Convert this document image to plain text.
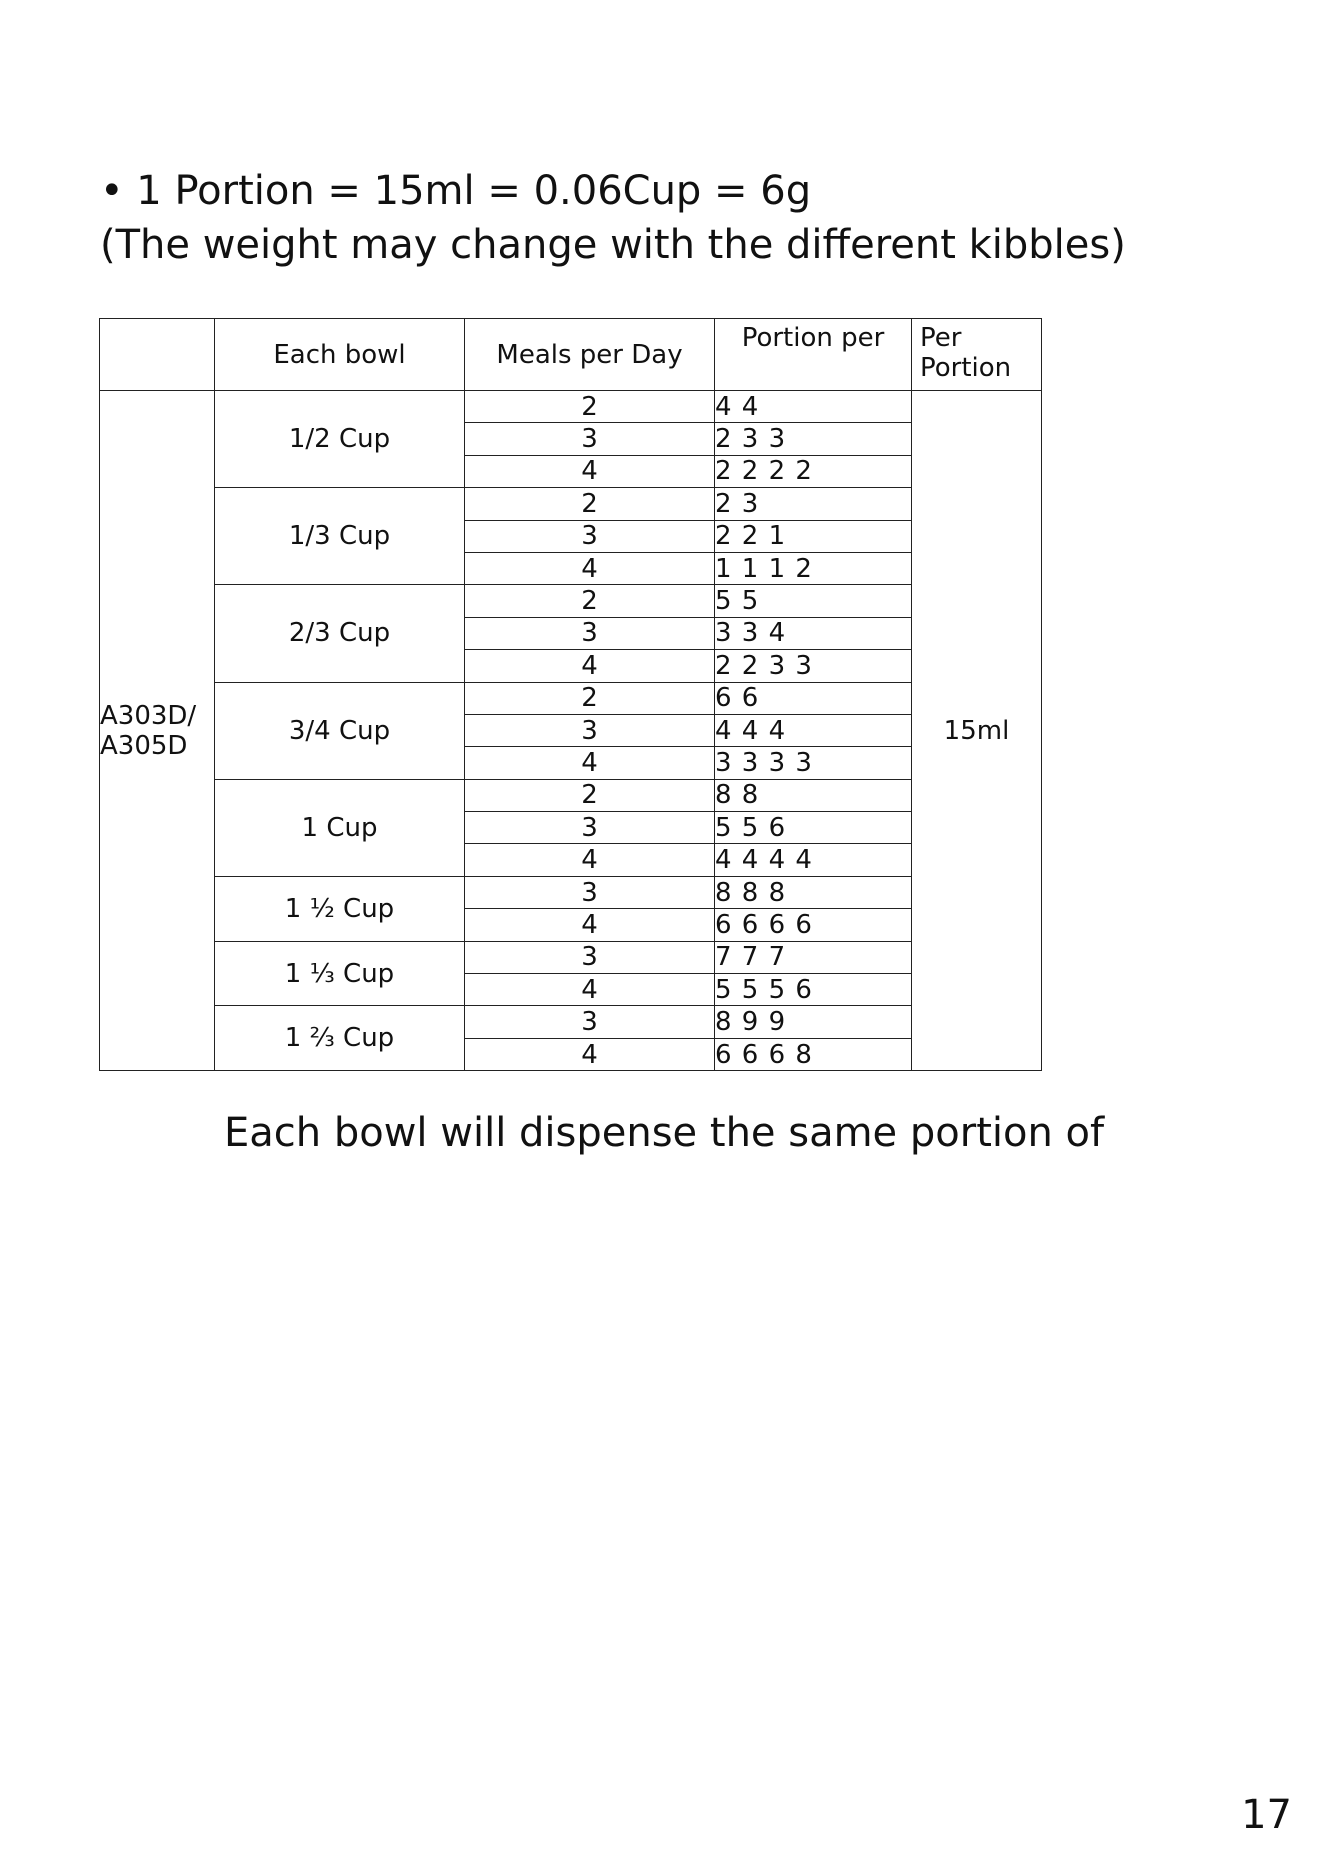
• 1 Portion = 15ml = 0.06Cup = 6g
(The weight may change with the different kibbles)
	Each bowl	Meals per Day	Portion per	Per Portion
A303D/ A305D	1/2 Cup	2	4 4	15ml
		3	2 3 3	
		4	2 2 2 2	
	1/3 Cup	2	2 3	
		3	2 2 1	
		4	1 1 1 2	
	2/3 Cup	2	5 5	
		3	3 3 4	
		4	2 2 3 3	
	3/4 Cup	2	6 6	
		3	4 4 4	
		4	3 3 3 3	
	1 Cup	2	8 8	
		3	5 5 6	
		4	4 4 4 4	
	1 ½ Cup	3	8 8 8	
		4	6 6 6 6	
	1 ⅓ Cup	3	7 7 7	
		4	5 5 5 6	
	1 ⅔ Cup	3	8 9 9	
		4	6 6 6 8	
Each bowl will dispense the same portion of
17
